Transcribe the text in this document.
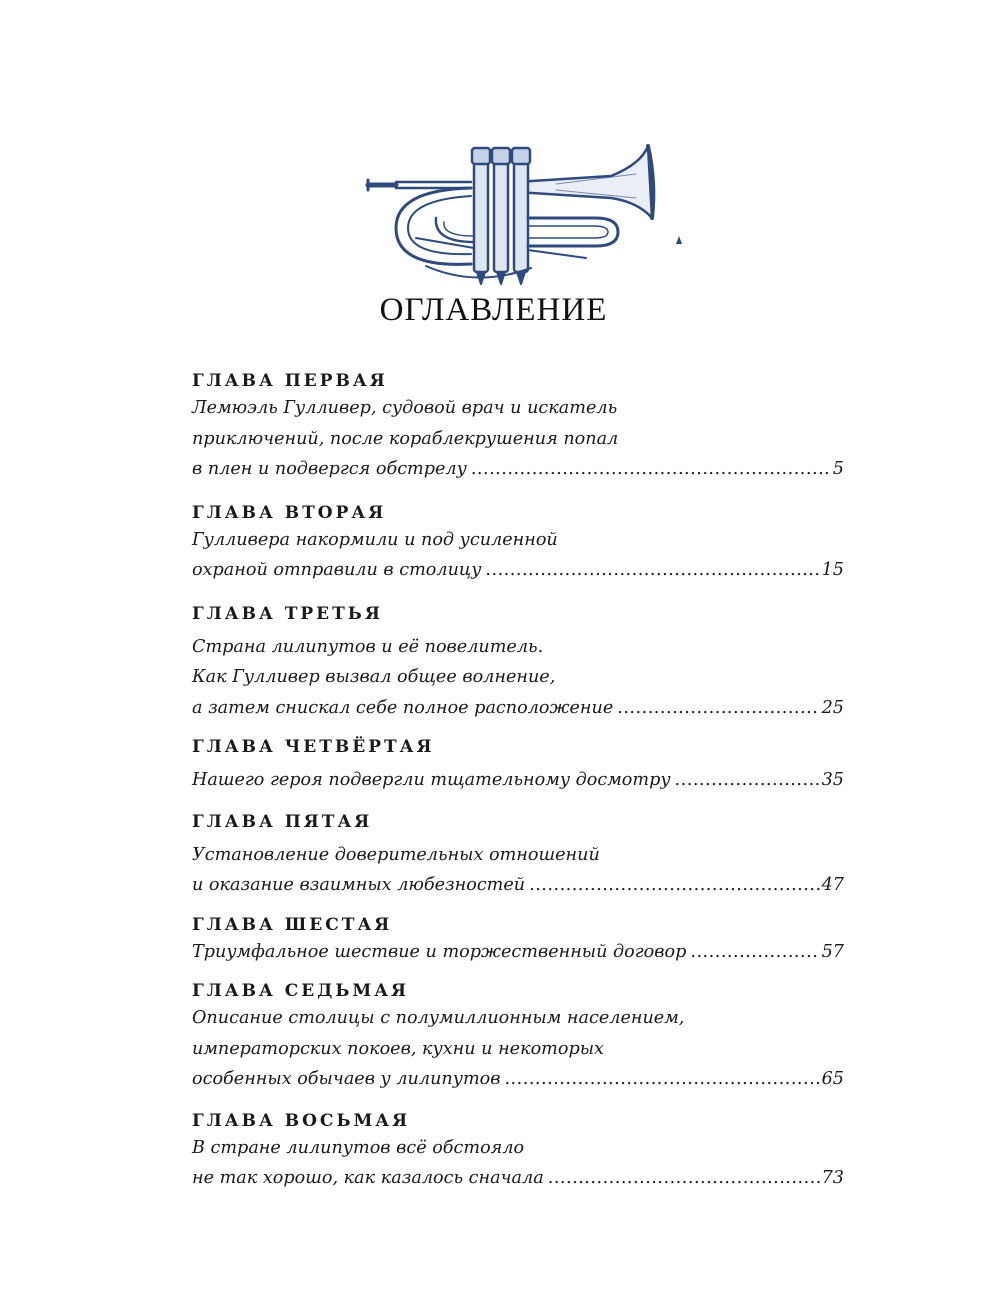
ОГЛАВЛЕНИЕ
ГЛАВА ПЕРВАЯ
Лемюэль Гулливер, судовой врач и искатель
приключений, после кораблекрушения попал
в плен и подвергся обстрелу .....	5
ГЛАВА ВТОРАЯ
Гулливера накормили и под усиленной
охраной отправили в столицу .....	15
ГЛАВА ТРЕТЬЯ
Страна лилипутов и её повелитель.
Как Гулливер вызвал общее волнение,
а затем снискал себе полное расположение .....	25
ГЛАВА ЧЕТВЁРТАЯ
Нашего героя подвергли тщательному досмотру .....	35
ГЛАВА ПЯТАЯ
Установление доверительных отношений
и оказание взаимных любезностей .....	47
ГЛАВА ШЕСТАЯ
Триумфальное шествие и торжественный договор .....	57
ГЛАВА СЕДЬМАЯ
Описание столицы с полумиллионным населением,
императорских покоев, кухни и некоторых
особенных обычаев у лилипутов .....	65
ГЛАВА ВОСЬМАЯ
В стране лилипутов всё обстояло
не так хорошо, как казалось сначала .....	73
